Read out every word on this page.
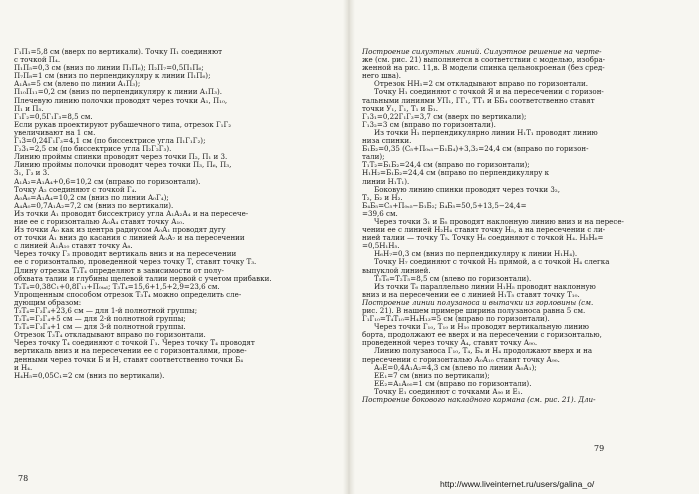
Г₁П₁=5,8 см (вверх по вертикали). Точку П₁ соединяют
с точкой П₄.
П₁П₅=0,3 см (вниз по линии П₁П₆); П₂П₇=0,5П₁П₆;
П₇П₈=1 см (вниз по перпендикуляру к линии П₁П₆);
А₁А₉=5 см (влево по линии А₁П₃);
П₁₀П₁₁=0,2 см (вниз по перпендикуляру к линии А₁П₃).
Плечевую линию полочки проводят через точки А₁, П₁₀,
П₁ и П₅.
Г₁Г₂=0,5Г₁Г₃=8,5 см.
Если рукав проектируют рубашечного типа, отрезок Г₁Г₂
увеличивают на 1 см.
Г₁3=0,24Г₁Г₃=4,1 см (по биссектрисе угла П₁Г₁Г₂);
Г₂3₁=2,5 см (по биссектрисе угла П₂Г₂Г₃).
Линию проймы спинки проводят через точки П₂, П₁ и 3.
Линию проймы полочки проводят через точки П₃, П₆, П₃,
3₁, Г₃ и 3.
А₁А₂=А₁А₄+0,6=10,2 см (вправо по горизонтали).
Точку А₂ соединяют с точкой Г₄.
А₀А₀=А₁А₄=10,2 см (вниз по линии А₀Г₄);
А₄А₀=0,7А₁А₂=7,2 см (вниз по вертикали).
Из точки А₁ проводят биссектрису угла А₁А₂А₄ и на пересече-
ние ее с горизонталью А₀А₄ ставят точку А₁₀.
Из точки А₀ как из центра радиусом А₀А₁ проводят дугу
от точки А₁ вниз до касания с линией А₀А₇ и на пересечении
с линией А₁А₁₀ ставят точку А₈.
Через точку Г₃ проводят вертикаль вниз и на пересечении
ее с горизонталью, проведенной через точку Т, ставят точку Т₃.
Длину отрезка Т₃Т₄ определяют в зависимости от полу-
обхвата талии и глубины щелевой талии первой с учетом прибавки.
Т₃Т₄=0,38С₁+0,8Г₁₁+П₀ₜₐₗ; Т₃Т₄=15,6+1,5+2,9=23,6 см.
Упрощенным способом отрезок Т₃Т₄ можно определить сле-
дующим образом:
Т₃Т₄=Г₃Г₄+23,6 см — для 1-й полнотной группы;
Т₃Т₄=Г₃Г₄+5 см — для 2-й полнотной группы;
Т₃Т₄=Г₃Г₄+1 см — для 3-й полнотной группы.
Отрезок Т₃Т₄ откладывают вправо по горизонтали.
Через точку Т₄ соединяют с точкой Г₁. Через точку Т₄ проводят
вертикаль вниз и на пересечении ее с горизонталями, прове-
денными через точки Б и Н, ставят соответственно точки Б₄
и Н₄.
Н₄Н₅=0,05С₁=2 см (вниз по вертикали).
Построение силуэтных линий. Силуэтное решение на черте-
же (см. рис. 21) выполняется в соответствии с моделью, изобра-
женной на рис. 11,в. В модели спинка цельнокроеная (без сред-
него шва).
Отрезок НН₁=2 см откладывают вправо по горизонтали.
Точку Н₁ соединяют с точкой Я и на пересечении с горизон-
тальными линиями УП₁, ГГ₁, ТТ₁ и ББ₄ соответственно ставят
точки У₁, Г₁, Т₁ и Б₁.
Г₁3₁=0,22Г₁Г₃=3,7 см (вверх по вертикали);
Г₁3₂=3 см (вправо по горизонтали).
Из точки Н₁ перпендикулярно линии Н₁Т₁ проводят линию
низа спинки.
Б₁Б₂=0,35 (С₅+П₀ₛ₅−Б₁Б₄)+3,3₂=24,4 см (вправо по горизон-
тали);
Т₁Т₂=Б₁Б₂=24,4 см (вправо по горизонтали);
Н₁Н₂=Б₁Б₂=24,4 см (вправо по перпендикуляру к
линии Н₁Т₁).
Боковую линию спинки проводят через точки 3₂,
Т₂, Б₂ и Н₂.
Б₄Б₅=С₅+П₀ₛ₅−Б₁Б₂; Б₄Б₅=50,5+13,5−24,4=
=39,6 см.
Через точки 3₁ и Б₅ проводят наклонную линию вниз и на пересе-
чении ее с линией Н₂Н₄ ставят точку Н₅, а на пересечении с ли-
нией талии — точку Т₅. Точку Н₆ соединяют с точкой Н₄. Н₅Н₆=
=0,5Н₁Н₅.
Н₆Н₇=0,3 см (вниз по перпендикуляру к линии Н₁Н₄).
Точку Н₇ соединяют с точкой Н₂ прямой, а с точкой Н₄ слегка
выпуклой линией.
Т₅Т₆=Т₂Т₅=8,5 см (влево по горизонтали).
Из точки Т₆ параллельно линии Н₁Н₅ проводят наклонную
вниз и на пересечении ее с линией Н₁Т₅ ставят точку Т₁₀.
Построение линии полузаноса и вытачки из горловины (см.
рис. 21). В нашем примере ширина полузаноса равна 5 см.
Г₁Г₁₀=Т₄Т₁₀=Н₄Н₁₃=5 см (вправо по горизонтали).
Через точки Г₁₀, Т₁₀ и Н₁₀ проводят вертикальную линию
борта, продолжают ее вверх и на пересечении с горизонталью,
проведенной через точку А₄, ставят точку А₉₀.
Линию полузаноса Г₁₀, Т₄, Б₄ и Н₄ продолжают вверх и на
пересечении с горизонталью А₀А₁₀ ставят точку А₉₀.
А₀Е=0,4А₁А₂=4,3 см (влево по линии А₀А₁);
ЕЕ₁=7 см (вниз по вертикали);
ЕЕ₂=А₁А₀₀=1 см (вправо по горизонтали).
Точку Е₁ соединяют с точками А₉₀ и Е₁.
Построение бокового накладного кармана (см. рис. 21). Дли-
78
79
http://www.liveinternet.ru/users/galina_o/
